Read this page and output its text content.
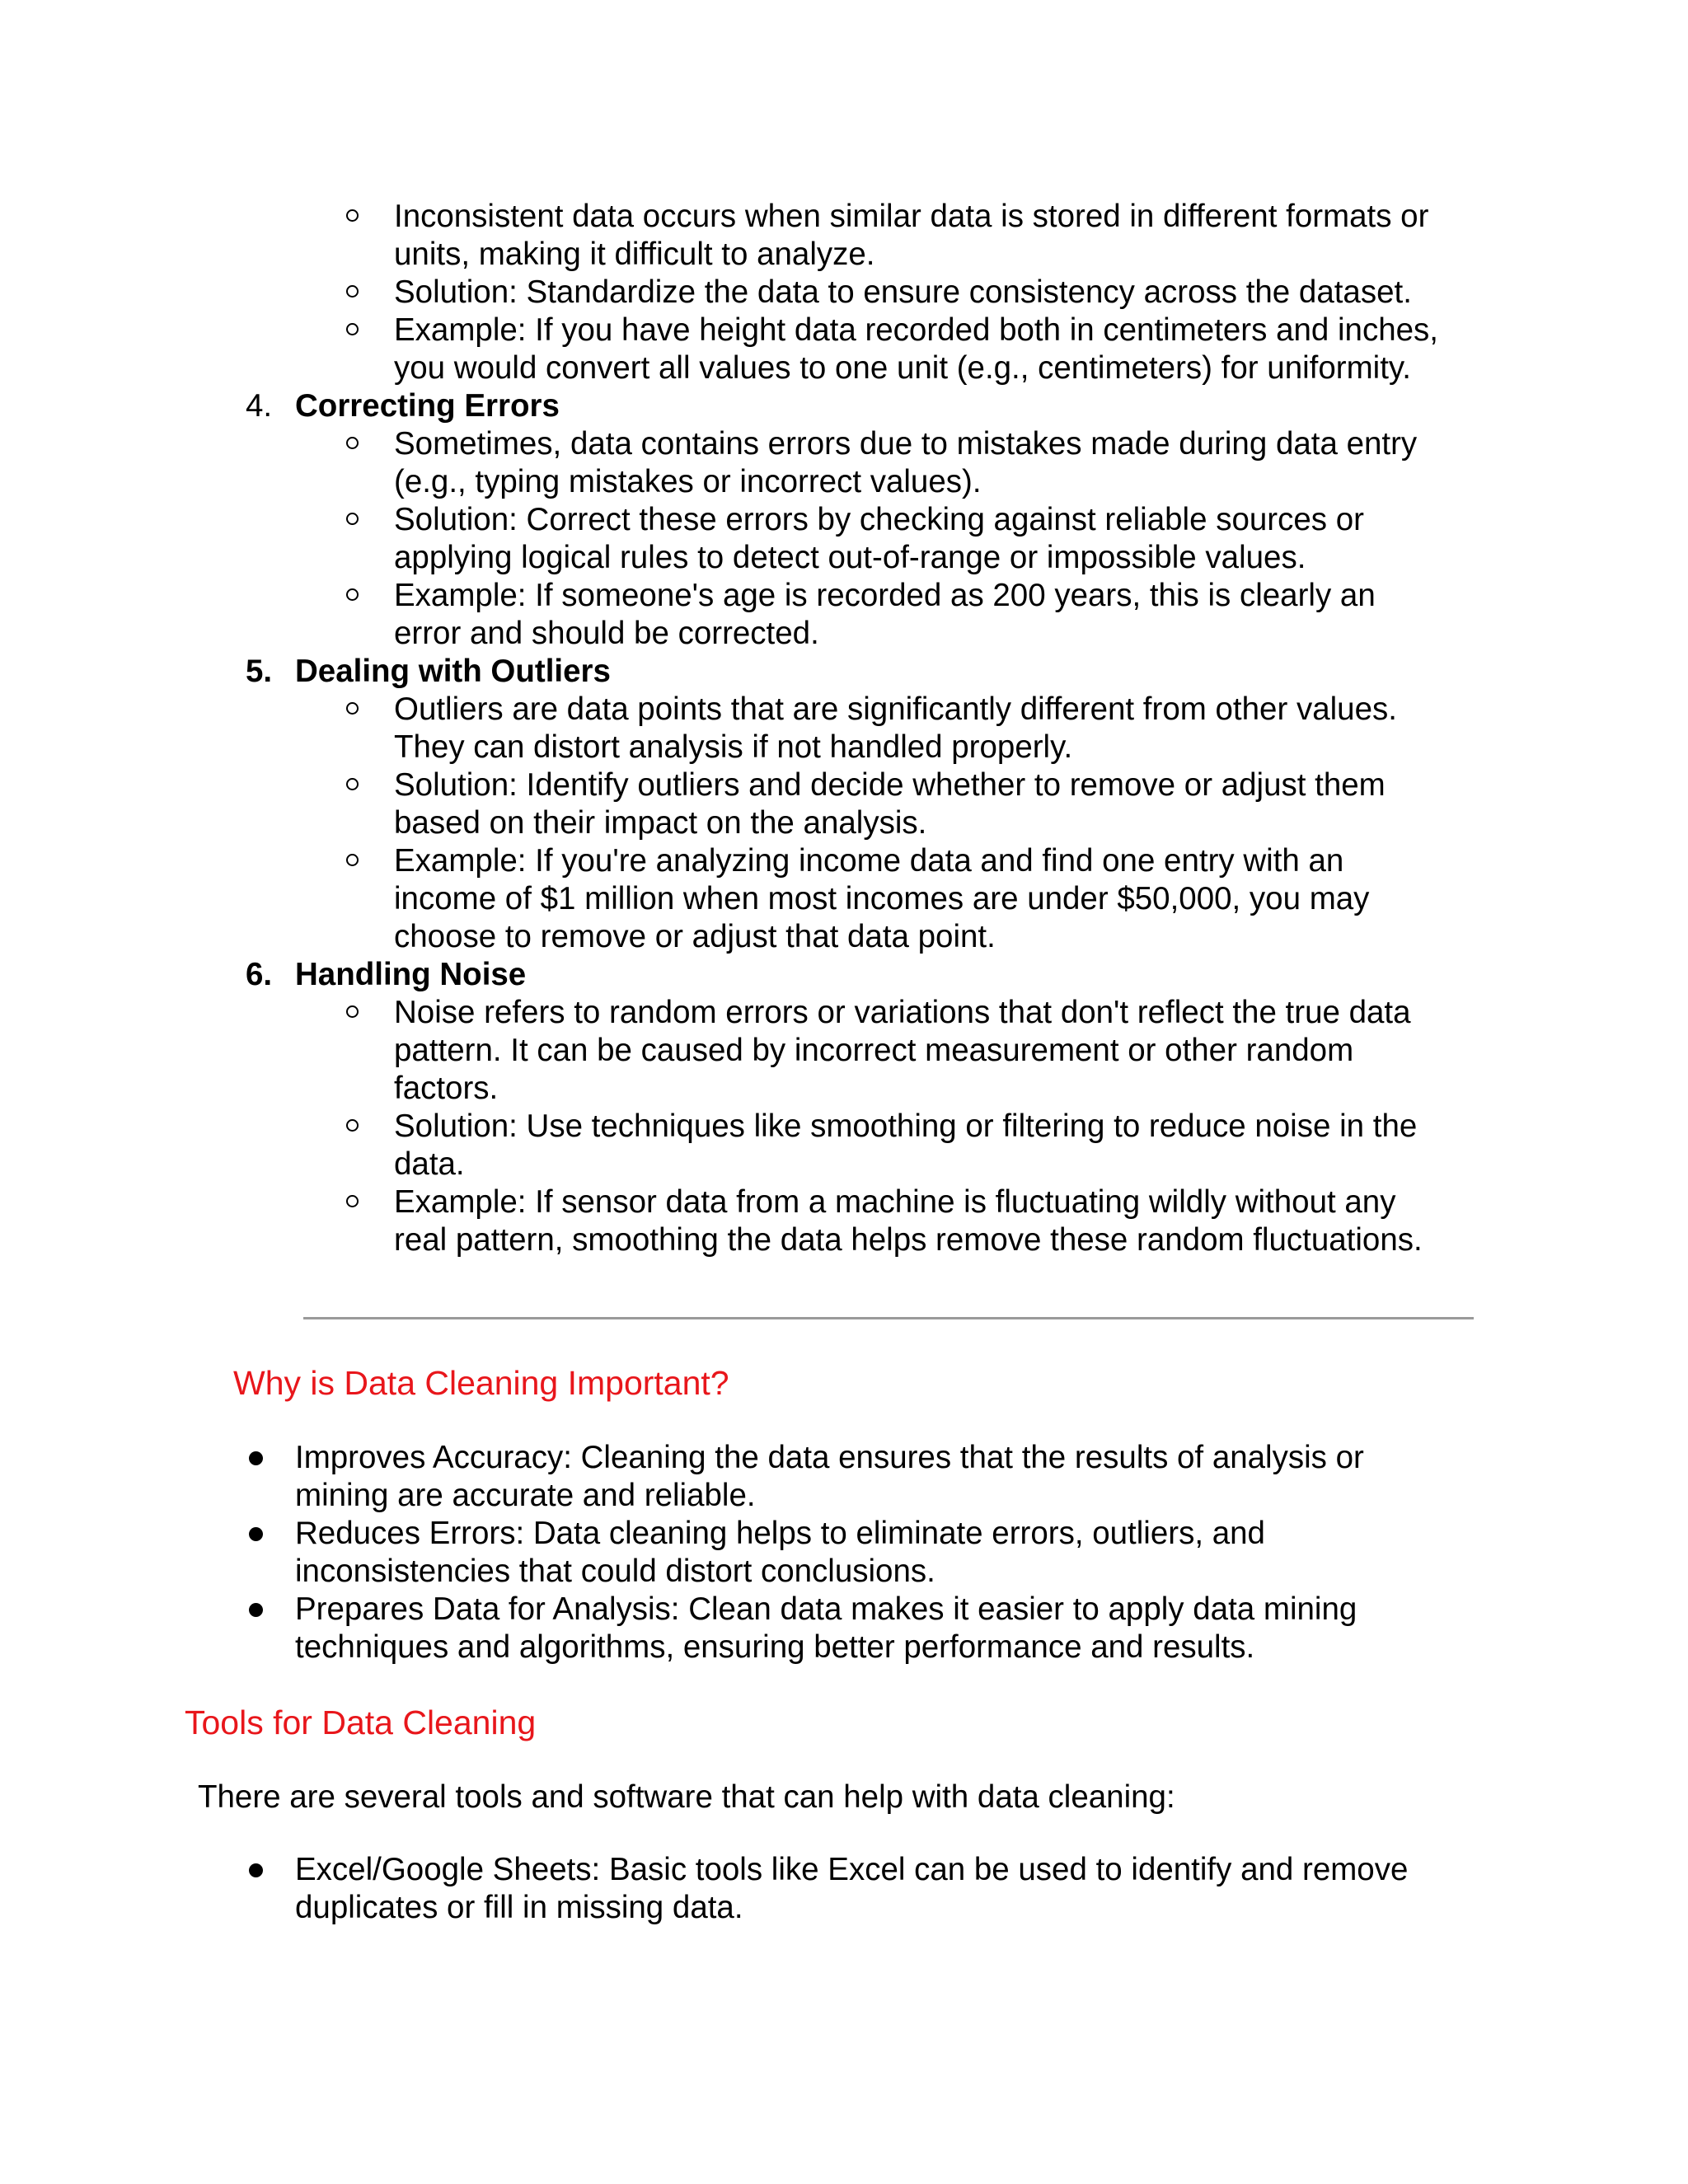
Inconsistent data occurs when similar data is stored in different formats or
units, making it difficult to analyze.
Solution: Standardize the data to ensure consistency across the dataset.
Example: If you have height data recorded both in centimeters and inches,
you would convert all values to one unit (e.g., centimeters) for uniformity.
4. Correcting Errors
Sometimes, data contains errors due to mistakes made during data entry
(e.g., typing mistakes or incorrect values).
Solution: Correct these errors by checking against reliable sources or
applying logical rules to detect out-of-range or impossible values.
Example: If someone's age is recorded as 200 years, this is clearly an
error and should be corrected.
5. Dealing with Outliers
Outliers are data points that are significantly different from other values.
They can distort analysis if not handled properly.
Solution: Identify outliers and decide whether to remove or adjust them
based on their impact on the analysis.
Example: If you're analyzing income data and find one entry with an
income of $1 million when most incomes are under $50,000, you may
choose to remove or adjust that data point.
6. Handling Noise
Noise refers to random errors or variations that don't reflect the true data
pattern. It can be caused by incorrect measurement or other random
factors.
Solution: Use techniques like smoothing or filtering to reduce noise in the
data.
Example: If sensor data from a machine is fluctuating wildly without any
real pattern, smoothing the data helps remove these random fluctuations.
Why is Data Cleaning Important?
Improves Accuracy: Cleaning the data ensures that the results of analysis or
mining are accurate and reliable.
Reduces Errors: Data cleaning helps to eliminate errors, outliers, and
inconsistencies that could distort conclusions.
Prepares Data for Analysis: Clean data makes it easier to apply data mining
techniques and algorithms, ensuring better performance and results.
Tools for Data Cleaning
There are several tools and software that can help with data cleaning:
Excel/Google Sheets: Basic tools like Excel can be used to identify and remove
duplicates or fill in missing data.
